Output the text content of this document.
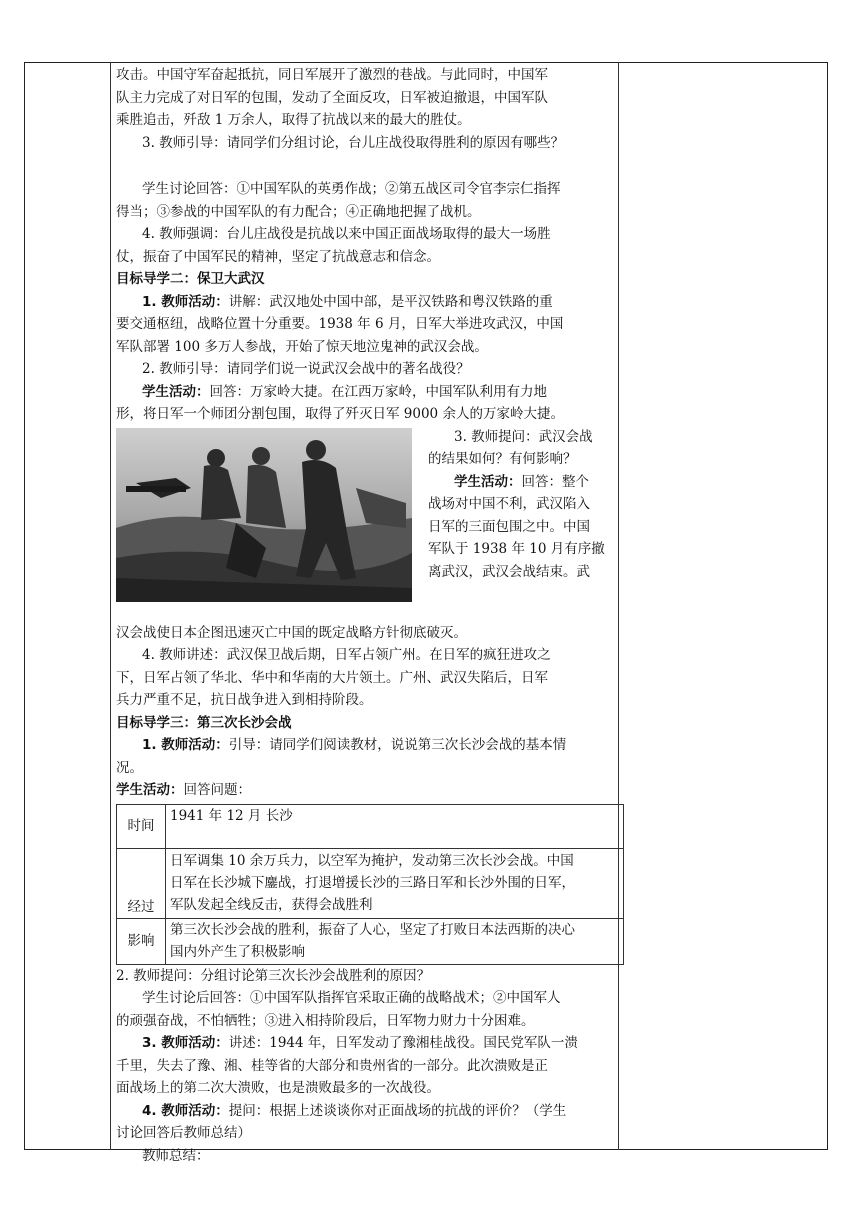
攻击。中国守军奋起抵抗，同日军展开了激烈的巷战。与此同时，中国军
队主力完成了对日军的包围，发动了全面反攻，日军被迫撤退，中国军队
乘胜追击，歼敌 1 万余人，取得了抗战以来的最大的胜仗。

3. 教师引导：请同学们分组讨论，台儿庄战役取得胜利的原因有哪些？

学生讨论回答：①中国军队的英勇作战；②第五战区司令官李宗仁指挥
得当；③参战的中国军队的有力配合；④正确地把握了战机。

4. 教师强调：台儿庄战役是抗战以来中国正面战场取得的最大一场胜
仗，振奋了中国军民的精神，坚定了抗战意志和信念。

目标导学二：保卫大武汉

1. 教师活动：讲解：武汉地处中国中部，是平汉铁路和粤汉铁路的重
要交通枢纽，战略位置十分重要。1938 年 6 月，日军大举进攻武汉，中国
军队部署 100 多万人参战，开始了惊天地泣鬼神的武汉会战。

2. 教师引导：请同学们说一说武汉会战中的著名战役？

学生活动：回答：万家岭大捷。在江西万家岭，中国军队利用有力地
形，将日军一个师团分割包围，取得了歼灭日军 9000 余人的万家岭大捷。

3. 教师提问：武汉会战
的结果如何？有何影响？

学生活动：回答：整个
战场对中国不利，武汉陷入
日军的三面包围之中。中国
军队于 1938 年 10 月有序撤
离武汉，武汉会战结束。武

汉会战使日本企图迅速灭亡中国的既定战略方针彻底破灭。

4. 教师讲述：武汉保卫战后期，日军占领广州。在日军的疯狂进攻之
下，日军占领了华北、华中和华南的大片领土。广州、武汉失陷后，日军
兵力严重不足，抗日战争进入到相持阶段。

目标导学三：第三次长沙会战

1. 教师活动：引导：请同学们阅读教材，说说第三次长沙会战的基本情
况。

学生活动：回答问题：

时间	1941 年 12 月 长沙
经过	日军调集 10 余万兵力，以空军为掩护，发动第三次长沙会战。中国
日军在长沙城下鏖战，打退增援长沙的三路日军和长沙外围的日军，
军队发起全线反击，获得会战胜利

影响	第三次长沙会战的胜利，振奋了人心，坚定了打败日本法西斯的决心
国内外产生了积极影响

2. 教师提问：分组讨论第三次长沙会战胜利的原因？

学生讨论后回答：①中国军队指挥官采取正确的战略战术；②中国军人
的顽强奋战，不怕牺牲；③进入相持阶段后，日军物力财力十分困难。

3. 教师活动：讲述：1944 年，日军发动了豫湘桂战役。国民党军队一溃
千里，失去了豫、湘、桂等省的大部分和贵州省的一部分。此次溃败是正
面战场上的第二次大溃败，也是溃败最多的一次战役。

4. 教师活动：提问：根据上述谈谈你对正面战场的抗战的评价？（学生
讨论回答后教师总结）

教师总结：
